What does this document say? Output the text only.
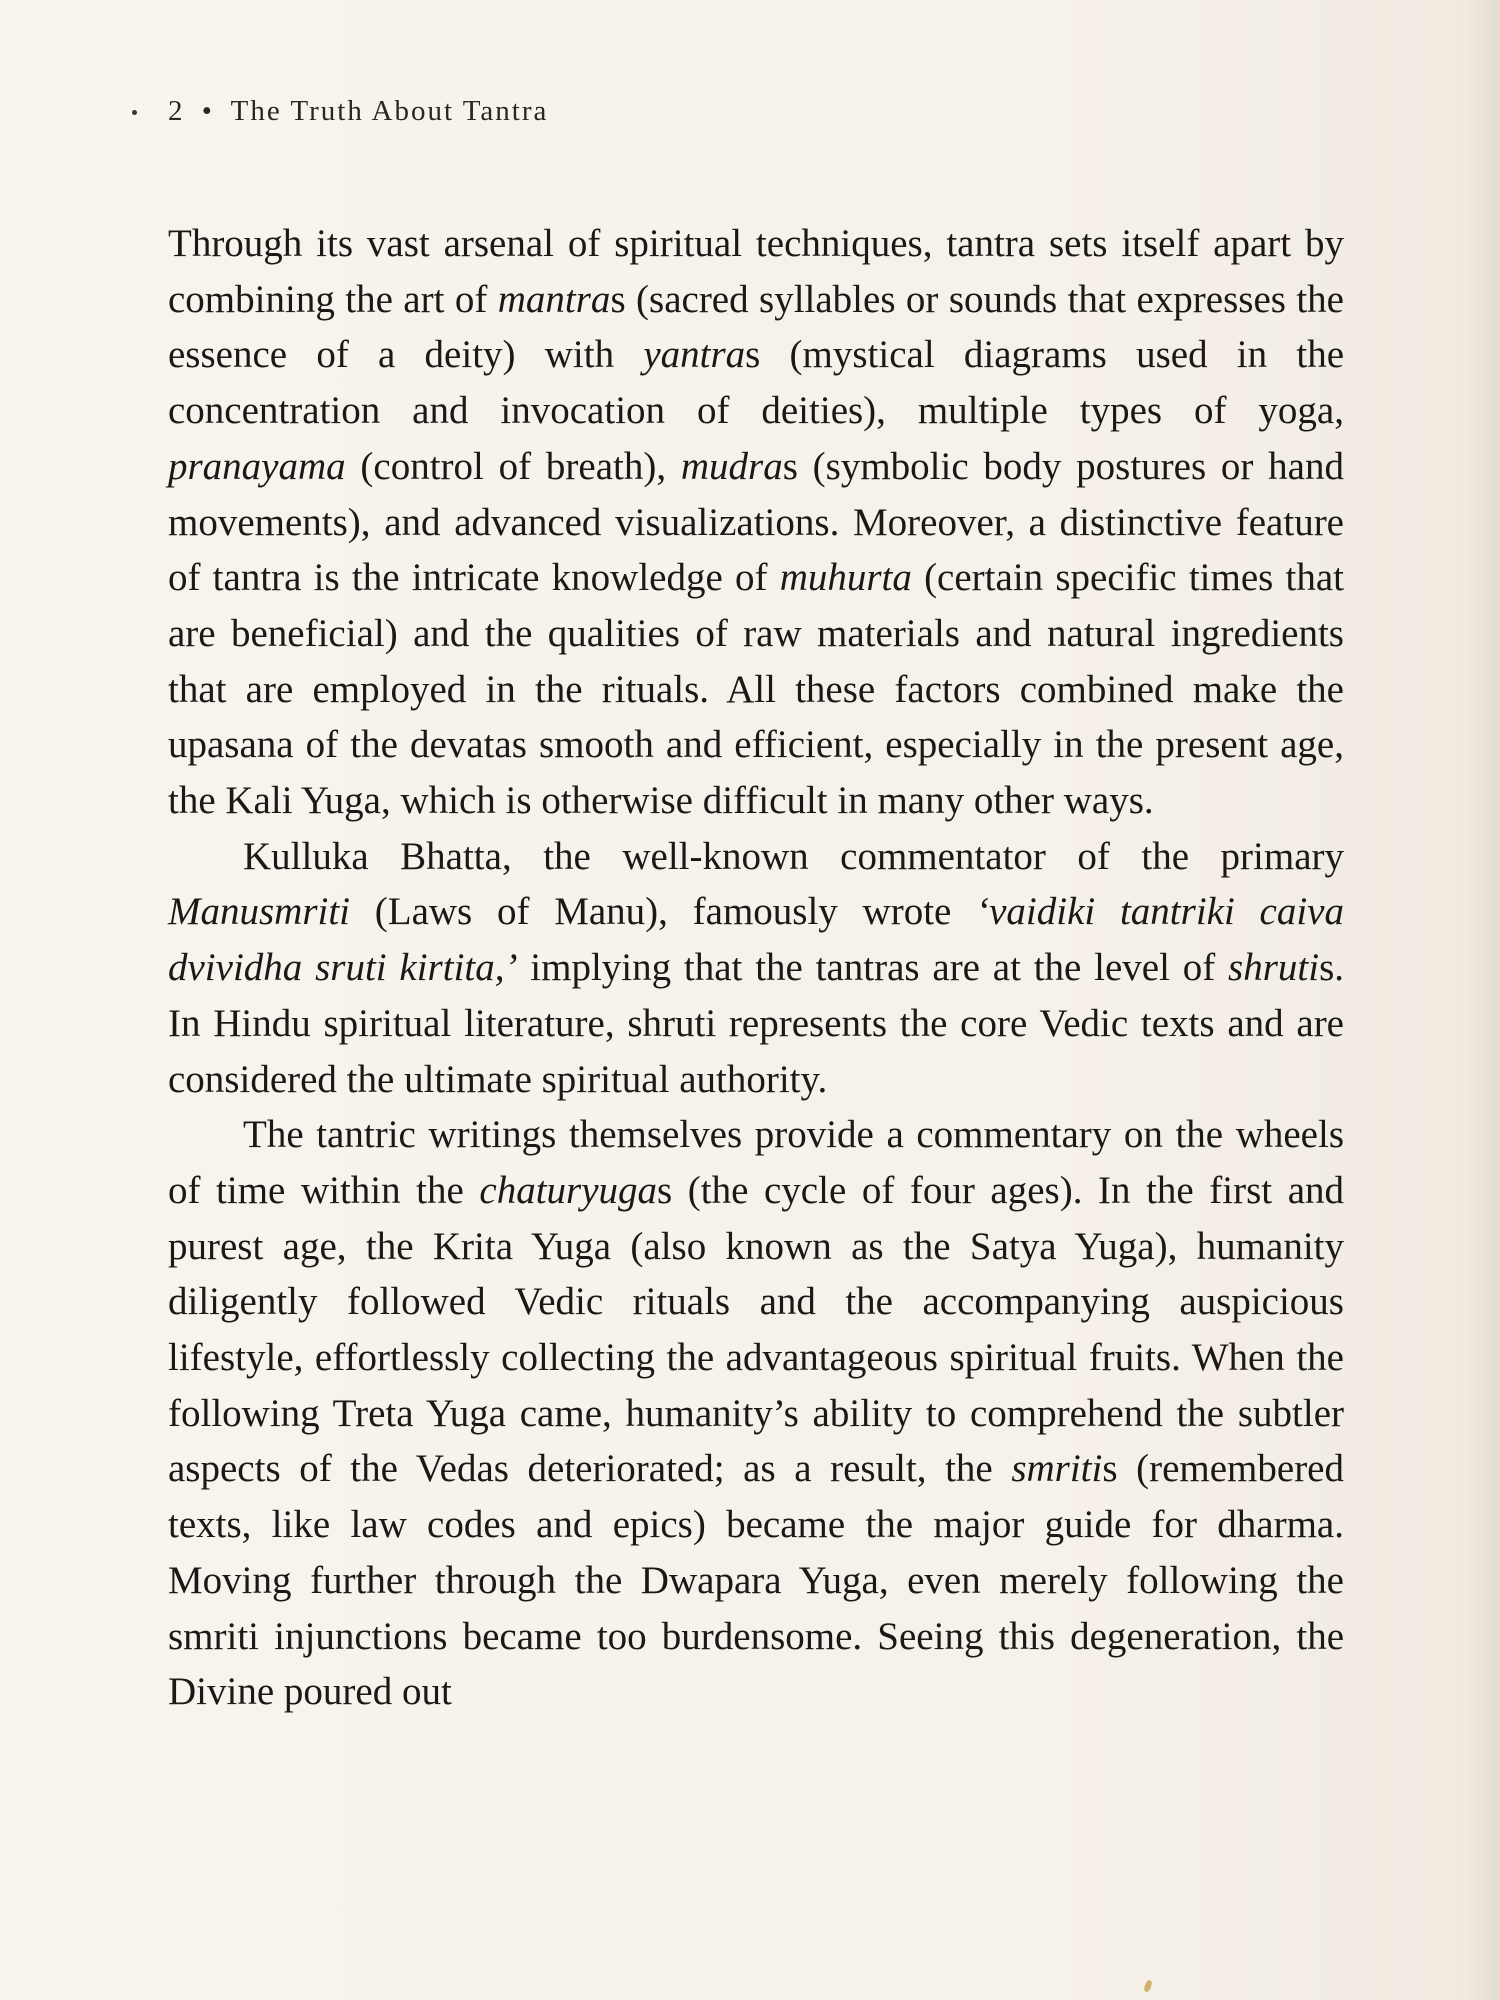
2 • The Truth About Tantra

Through its vast arsenal of spiritual techniques, tantra sets itself apart by combining the art of mantras (sacred syllables or sounds that expresses the essence of a deity) with yantras (mystical diagrams used in the concentration and invocation of deities), multiple types of yoga, pranayama (control of breath), mudras (symbolic body postures or hand movements), and advanced visualizations. Moreover, a distinctive feature of tantra is the intricate knowledge of muhurta (certain specific times that are beneficial) and the qualities of raw materials and natural ingredients that are employed in the rituals. All these factors combined make the upasana of the devatas smooth and efficient, especially in the present age, the Kali Yuga, which is otherwise difficult in many other ways.

Kulluka Bhatta, the well-known commentator of the primary Manusmriti (Laws of Manu), famously wrote ‘vaidiki tantriki caiva dvividha sruti kirtita,’ implying that the tantras are at the level of shrutis. In Hindu spiritual literature, shruti represents the core Vedic texts and are considered the ultimate spiritual authority.

The tantric writings themselves provide a commentary on the wheels of time within the chaturyugas (the cycle of four ages). In the first and purest age, the Krita Yuga (also known as the Satya Yuga), humanity diligently followed Vedic rituals and the accompanying auspicious lifestyle, effortlessly collecting the advantageous spiritual fruits. When the following Treta Yuga came, humanity’s ability to comprehend the subtler aspects of the Vedas deteriorated; as a result, the smritis (remembered texts, like law codes and epics) became the major guide for dharma. Moving further through the Dwapara Yuga, even merely following the smriti injunctions became too burdensome. Seeing this degeneration, the Divine poured out
